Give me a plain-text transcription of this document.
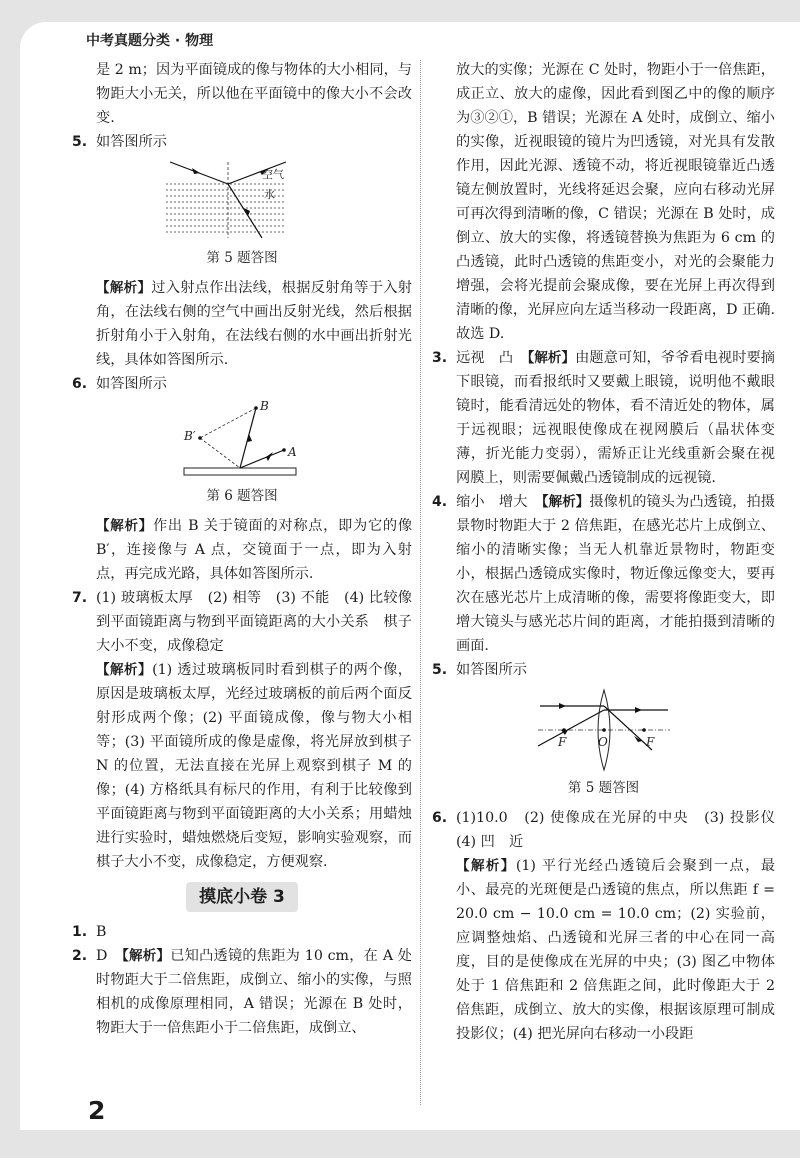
中考真题分类 · 物理

是 2 m；因为平面镜成的像与物体的大小相同，与物距大小无关，所以他在平面镜中的像大小不会改变.

5. 如答图所示

空气
水
第 5 题答图

【解析】过入射点作出法线，根据反射角等于入射角，在法线右侧的空气中画出反射光线，然后根据折射角小于入射角，在法线右侧的水中画出折射光线，具体如答图所示.

6. 如答图所示

B
B′
A
第 6 题答图

【解析】作出 B 关于镜面的对称点，即为它的像 B′，连接像与 A 点，交镜面于一点，即为入射点，再完成光路，具体如答图所示.

7. (1) 玻璃板太厚　(2) 相等　(3) 不能　(4) 比较像到平面镜距离与物到平面镜距离的大小关系　棋子大小不变，成像稳定

【解析】(1) 透过玻璃板同时看到棋子的两个像，原因是玻璃板太厚，光经过玻璃板的前后两个面反射形成两个像；(2) 平面镜成像，像与物大小相等；(3) 平面镜所成的像是虚像，将光屏放到棋子 N 的位置，无法直接在光屏上观察到棋子 M 的像；(4) 方格纸具有标尺的作用，有利于比较像到平面镜距离与物到平面镜距离的大小关系；用蜡烛进行实验时，蜡烛燃烧后变短，影响实验观察，而棋子大小不变，成像稳定，方便观察.

摸底小卷 3

1. B

2. D　 【解析】已知凸透镜的焦距为 10 cm，在 A 处时物距大于二倍焦距，成倒立、缩小的实像，与照相机的成像原理相同，A 错误；光源在 B 处时，物距大于一倍焦距小于二倍焦距，成倒立、

放大的实像；光源在 C 处时，物距小于一倍焦距，成正立、放大的虚像，因此看到图乙中的像的顺序为③②①，B 错误；光源在 A 处时，成倒立、缩小的实像，近视眼镜的镜片为凹透镜，对光具有发散作用，因此光源、透镜不动，将近视眼镜靠近凸透镜左侧放置时，光线将延迟会聚，应向右移动光屏可再次得到清晰的像，C 错误；光源在 B 处时，成倒立、放大的实像，将透镜替换为焦距为 6 cm 的凸透镜，此时凸透镜的焦距变小，对光的会聚能力增强，会将光提前会聚成像，要在光屏上再次得到清晰的像，光屏应向左适当移动一段距离，D 正确. 故选 D.

3. 远视　凸　 【解析】由题意可知，爷爷看电视时要摘下眼镜，而看报纸时又要戴上眼镜，说明他不戴眼镜时，能看清远处的物体，看不清近处的物体，属于远视眼；远视眼使像成在视网膜后（晶状体变薄，折光能力变弱），需矫正让光线重新会聚在视网膜上，则需要佩戴凸透镜制成的远视镜.

4. 缩小　增大　 【解析】摄像机的镜头为凸透镜，拍摄景物时物距大于 2 倍焦距，在感光芯片上成倒立、缩小的清晰实像；当无人机靠近景物时，物距变小，根据凸透镜成实像时，物近像远像变大，要再次在感光芯片上成清晰的像，需要将像距变大，即增大镜头与感光芯片间的距离，才能拍摄到清晰的画面.

5. 如答图所示

F	O	F
第 5 题答图

6. (1)10.0　(2) 使像成在光屏的中央　(3) 投影仪　(4) 凹　近

【解析】(1) 平行光经凸透镜后会聚到一点，最小、最亮的光斑便是凸透镜的焦点，所以焦距 f = 20.0 cm − 10.0 cm = 10.0 cm；(2) 实验前，应调整烛焰、凸透镜和光屏三者的中心在同一高度，目的是使像成在光屏的中央；(3) 图乙中物体处于 1 倍焦距和 2 倍焦距之间，此时像距大于 2 倍焦距，成倒立、放大的实像，根据该原理可制成投影仪；(4) 把光屏向右移动一小段距

2
